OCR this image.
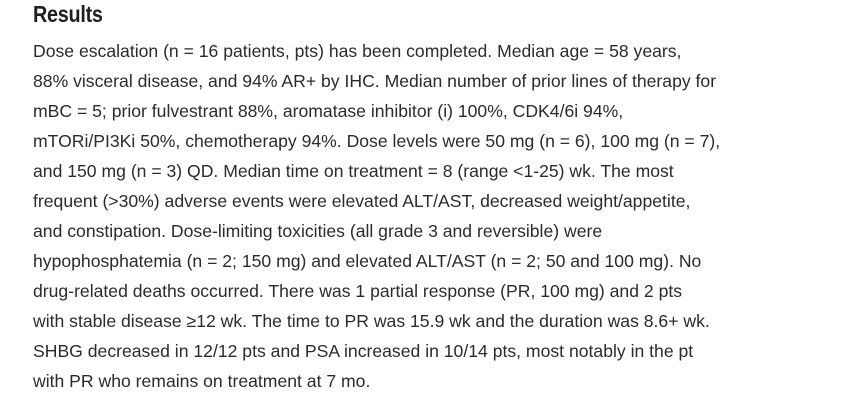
Results

Dose escalation (n = 16 patients, pts) has been completed. Median age = 58 years,
88% visceral disease, and 94% AR+ by IHC. Median number of prior lines of therapy for
mBC = 5; prior fulvestrant 88%, aromatase inhibitor (i) 100%, CDK4/6i 94%,
mTORi/PI3Ki 50%, chemotherapy 94%. Dose levels were 50 mg (n = 6), 100 mg (n = 7),
and 150 mg (n = 3) QD. Median time on treatment = 8 (range <1-25) wk. The most
frequent (>30%) adverse events were elevated ALT/AST, decreased weight/appetite,
and constipation. Dose-limiting toxicities (all grade 3 and reversible) were
hypophosphatemia (n = 2; 150 mg) and elevated ALT/AST (n = 2; 50 and 100 mg). No
drug-related deaths occurred. There was 1 partial response (PR, 100 mg) and 2 pts
with stable disease ≥12 wk. The time to PR was 15.9 wk and the duration was 8.6+ wk.
SHBG decreased in 12/12 pts and PSA increased in 10/14 pts, most notably in the pt
with PR who remains on treatment at 7 mo.
